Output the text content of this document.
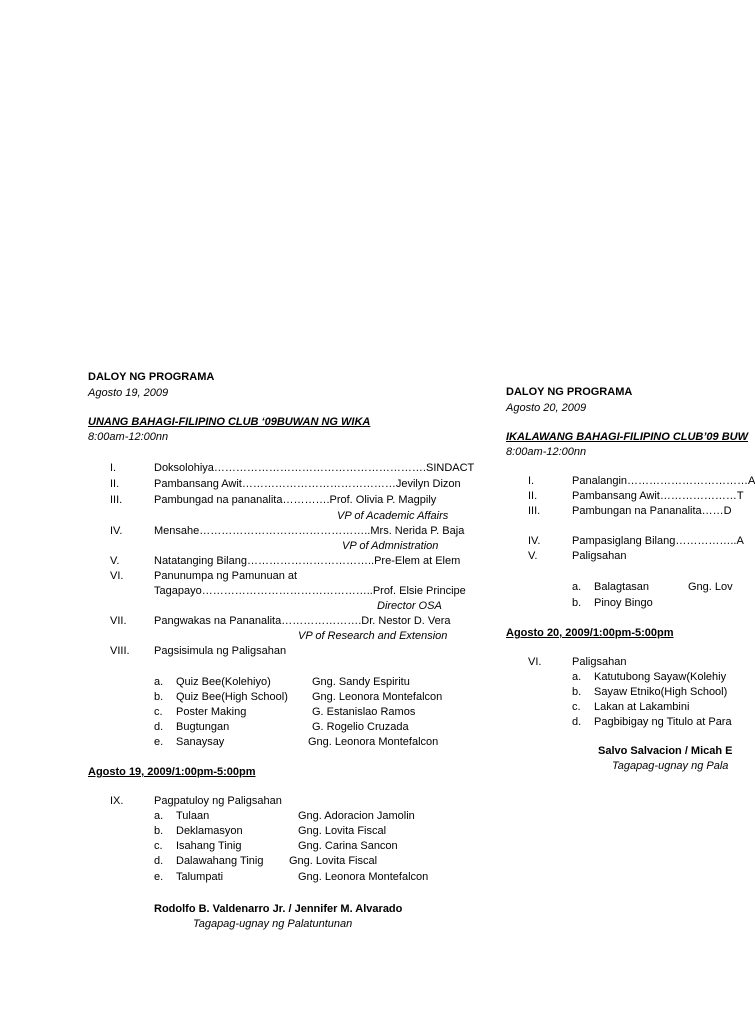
DALOY NG PROGRAMA
Agosto 19, 2009
UNANG BAHAGI-FILIPINO CLUB ‘09BUWAN NG WIKA
8:00am-12:00nn
I.	Doksolohiya………………………………………………….SINDACT
II.	Pambansang Awit……………………………………Jevilyn Dizon
III.	Pambungad na pananalita………….Prof. Olivia P. Magpily
VP of Academic Affairs
IV.	Mensahe………………………………………..Mrs. Nerida P. Baja
VP of Admnistration
V.	Natatanging Bilang……………………………..Pre-Elem at Elem
VI.	Panunumpa ng Pamunuan at
Tagapayo………………………………………..Prof. Elsie Principe
Director OSA
VII. Pangwakas na Pananalita………………….Dr. Nestor D. Vera
VP of Research and Extension
VIII. Pagsisimula ng Paligsahan
a. Quiz Bee(Kolehiyo)	Gng. Sandy Espiritu
b. Quiz Bee(High School) Gng. Leonora Montefalcon
c. Poster Making	G. Estanislao Ramos
d. Bugtungan	G. Rogelio Cruzada
e. Sanaysay	Gng. Leonora Montefalcon
Agosto 19, 2009/1:00pm-5:00pm
IX.	Pagpatuloy ng Paligsahan
a. Tulaan	Gng. Adoracion Jamolin
b. Deklamasyon	Gng. Lovita Fiscal
c. Isahang Tinig	Gng. Carina Sancon
d. Dalawahang Tinig Gng. Lovita Fiscal
e. Talumpati	Gng. Leonora Montefalcon
Rodolfo B. Valdenarro Jr. / Jennifer M. Alvarado
Tagapag-ugnay ng Palatuntunan
DALOY NG PROGRAMA
Agosto 20, 2009
IKALAWANG BAHAGI-FILIPINO CLUB’09 BUW
8:00am-12:00nn
I.	Panalangin……………………………A
II.	Pambansang Awit…………………T
III.	Pambungan na Pananalita……D
IV.	Pampasiglang Bilang……………..A
V.	Paligsahan
a. Balagtasan	Gng. Lov
b. Pinoy Bingo
Agosto 20, 2009/1:00pm-5:00pm
VI.	Paligsahan
a. Katutubong Sayaw(Kolehiy
b. Sayaw Etniko(High School)
c. Lakan at Lakambini
d. Pagbibigay ng Titulo at Para
Salvo Salvacion / Micah E
Tagapag-ugnay ng Pala
